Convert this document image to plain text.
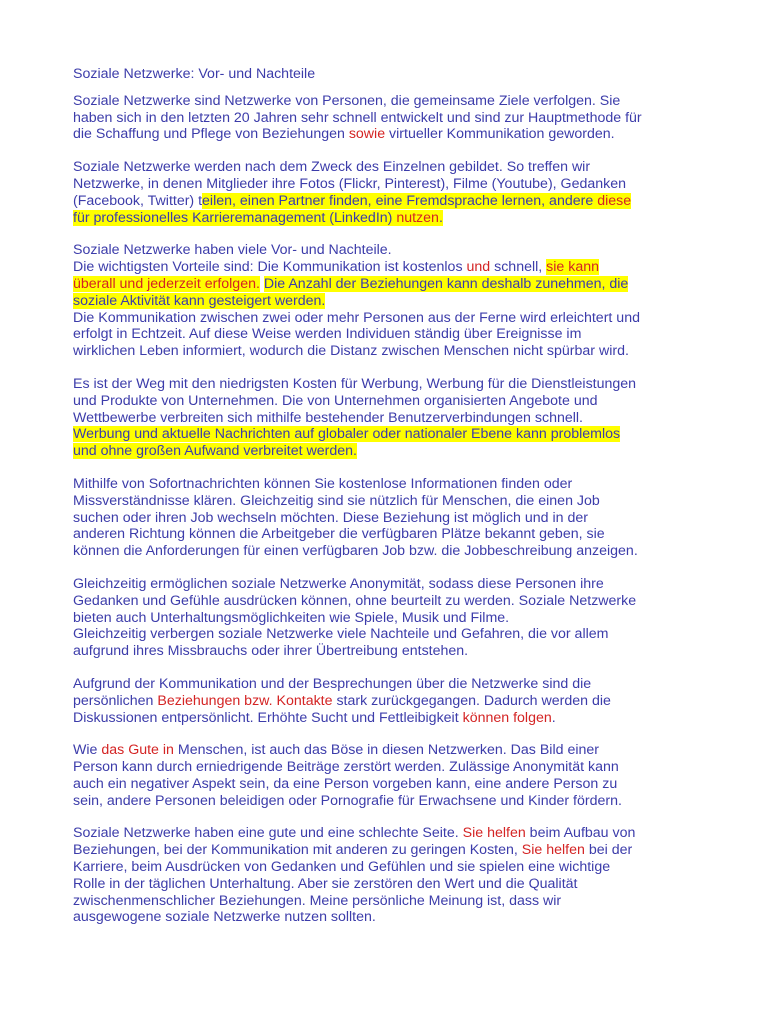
Soziale Netzwerke: Vor- und Nachteile
Soziale Netzwerke sind Netzwerke von Personen, die gemeinsame Ziele verfolgen. Sie
haben sich in den letzten 20 Jahren sehr schnell entwickelt und sind zur Hauptmethode für
die Schaffung und Pflege von Beziehungen sowie virtueller Kommunikation geworden.
Soziale Netzwerke werden nach dem Zweck des Einzelnen gebildet. So treffen wir
Netzwerke, in denen Mitglieder ihre Fotos (Flickr, Pinterest), Filme (Youtube), Gedanken
(Facebook, Twitter) teilen, einen Partner finden, eine Fremdsprache lernen, andere diese
für professionelles Karrieremanagement (LinkedIn) nutzen.
Soziale Netzwerke haben viele Vor- und Nachteile.
Die wichtigsten Vorteile sind: Die Kommunikation ist kostenlos und schnell, sie kann
überall und jederzeit erfolgen. Die Anzahl der Beziehungen kann deshalb zunehmen, die
soziale Aktivität kann gesteigert werden.
Die Kommunikation zwischen zwei oder mehr Personen aus der Ferne wird erleichtert und
erfolgt in Echtzeit. Auf diese Weise werden Individuen ständig über Ereignisse im
wirklichen Leben informiert, wodurch die Distanz zwischen Menschen nicht spürbar wird.
Es ist der Weg mit den niedrigsten Kosten für Werbung, Werbung für die Dienstleistungen
und Produkte von Unternehmen. Die von Unternehmen organisierten Angebote und
Wettbewerbe verbreiten sich mithilfe bestehender Benutzerverbindungen schnell.
Werbung und aktuelle Nachrichten auf globaler oder nationaler Ebene kann problemlos
und ohne großen Aufwand verbreitet werden.
Mithilfe von Sofortnachrichten können Sie kostenlose Informationen finden oder
Missverständnisse klären. Gleichzeitig sind sie nützlich für Menschen, die einen Job
suchen oder ihren Job wechseln möchten. Diese Beziehung ist möglich und in der
anderen Richtung können die Arbeitgeber die verfügbaren Plätze bekannt geben, sie
können die Anforderungen für einen verfügbaren Job bzw. die Jobbeschreibung anzeigen.
Gleichzeitig ermöglichen soziale Netzwerke Anonymität, sodass diese Personen ihre
Gedanken und Gefühle ausdrücken können, ohne beurteilt zu werden. Soziale Netzwerke
bieten auch Unterhaltungsmöglichkeiten wie Spiele, Musik und Filme.
Gleichzeitig verbergen soziale Netzwerke viele Nachteile und Gefahren, die vor allem
aufgrund ihres Missbrauchs oder ihrer Übertreibung entstehen.
Aufgrund der Kommunikation und der Besprechungen über die Netzwerke sind die
persönlichen Beziehungen bzw. Kontakte stark zurückgegangen. Dadurch werden die
Diskussionen entpersönlicht. Erhöhte Sucht und Fettleibigkeit können folgen.
Wie das Gute in Menschen, ist auch das Böse in diesen Netzwerken. Das Bild einer
Person kann durch erniedrigende Beiträge zerstört werden. Zulässige Anonymität kann
auch ein negativer Aspekt sein, da eine Person vorgeben kann, eine andere Person zu
sein, andere Personen beleidigen oder Pornografie für Erwachsene und Kinder fördern.
Soziale Netzwerke haben eine gute und eine schlechte Seite. Sie helfen beim Aufbau von
Beziehungen, bei der Kommunikation mit anderen zu geringen Kosten, Sie helfen bei der
Karriere, beim Ausdrücken von Gedanken und Gefühlen und sie spielen eine wichtige
Rolle in der täglichen Unterhaltung. Aber sie zerstören den Wert und die Qualität
zwischenmenschlicher Beziehungen. Meine persönliche Meinung ist, dass wir
ausgewogene soziale Netzwerke nutzen sollten.
